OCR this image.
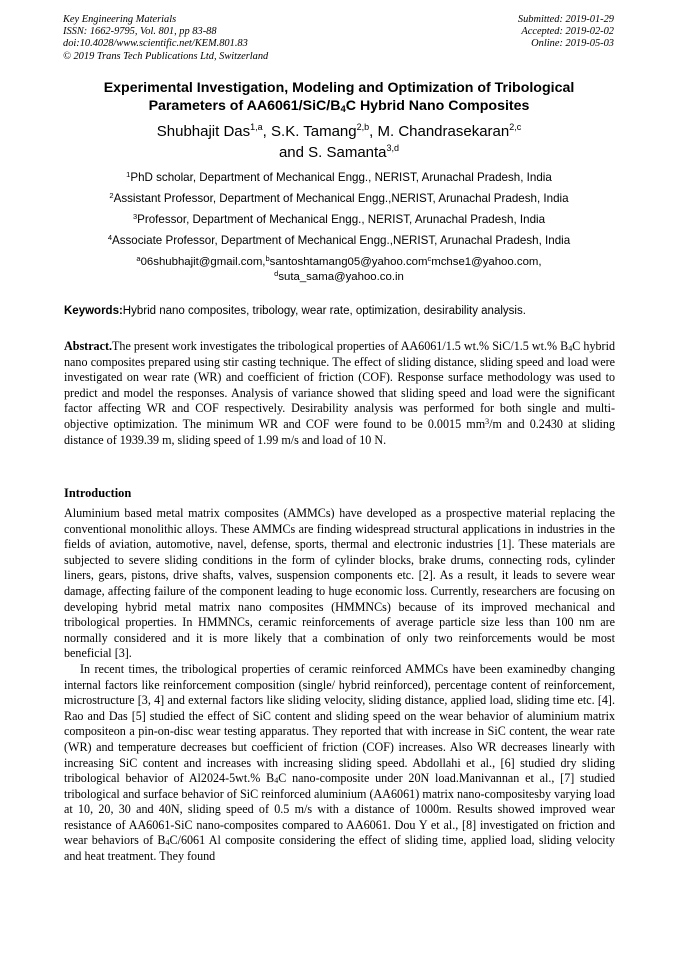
Key Engineering Materials
ISSN: 1662-9795, Vol. 801, pp 83-88
doi:10.4028/www.scientific.net/KEM.801.83
© 2019 Trans Tech Publications Ltd, Switzerland
Submitted: 2019-01-29
Accepted: 2019-02-02
Online: 2019-05-03
Experimental Investigation, Modeling and Optimization of Tribological
Parameters of $AA6061/SiC/B_4C$ Hybrid Nano Composites
Shubhajit Das$^{1,a}$, S.K. Tamang$^{2,b}$, M. Chandrasekaran$^{2,c}$
and S. Samanta$^{3,d}$
$^1$PhD scholar, Department of Mechanical Engg., NERIST, Arunachal Pradesh, India
$^2$Assistant Professor, Department of Mechanical Engg.,NERIST, Arunachal Pradesh, India
$^3$Professor, Department of Mechanical Engg., NERIST, Arunachal Pradesh, India
$^4$Associate Professor, Department of Mechanical Engg.,NERIST, Arunachal Pradesh, India
$^a$06shubhajit@gmail.com,$^b$santoshtamang05@yahoo.com$^c$mchse1@yahoo.com,
$^d$suta_sama@yahoo.co.in
Keywords:Hybrid nano composites, tribology, wear rate, optimization, desirability analysis.
Abstract.The present work investigates the tribological properties of AA6061/1.5 wt.% SiC/1.5 wt.% $B_4C$ hybrid nano composites prepared using stir casting technique. The effect of sliding distance, sliding speed and load were investigated on wear rate (WR) and coefficient of friction (COF). Response surface methodology was used to predict and model the responses. Analysis of variance showed that sliding speed and load were the significant factor affecting WR and COF respectively. Desirability analysis was performed for both single and multi-objective optimization. The minimum WR and COF were found to be 0.0015 $mm^3/m$ and 0.2430 at sliding distance of 1939.39 m, sliding speed of 1.99 m/s and load of 10 N.
Introduction

Aluminium based metal matrix composites (AMMCs) have developed as a prospective material replacing the conventional monolithic alloys. These AMMCs are finding widespread structural applications in industries in the fields of aviation, automotive, navel, defense, sports, thermal and electronic industries [1]. These materials are subjected to severe sliding conditions in the form of cylinder blocks, brake drums, connecting rods, cylinder liners, gears, pistons, drive shafts, valves, suspension components etc. [2]. As a result, it leads to severe wear damage, affecting failure of the component leading to huge economic loss. Currently, researchers are focusing on developing hybrid metal matrix nano composites (HMMNCs) because of its improved mechanical and tribological properties. In HMMNCs, ceramic reinforcements of average particle size less than 100 nm are normally considered and it is more likely that a combination of only two reinforcements would be most beneficial [3].

In recent times, the tribological properties of ceramic reinforced AMMCs have been examinedby changing internal factors like reinforcement composition (single/ hybrid reinforced), percentage content of reinforcement, microstructure [3, 4] and external factors like sliding velocity, sliding distance, applied load, sliding time etc. [4]. Rao and Das [5] studied the effect of SiC content and sliding speed on the wear behavior of aluminium matrix compositeon a pin-on-disc wear testing apparatus. They reported that with increase in SiC content, the wear rate (WR) and temperature decreases but coefficient of friction (COF) increases. Also WR decreases linearly with increasing SiC content and increases with increasing sliding speed. Abdollahi et al., [6] studied dry sliding tribological behavior of Al2024-5wt.% $B_4C$ nano-composite under 20N load.Manivannan et al., [7] studied tribological and surface behavior of SiC reinforced aluminium (AA6061) matrix nano-compositesby varying load at 10, 20, 30 and 40N, sliding speed of 0.5 m/s with a distance of 1000m. Results showed improved wear resistance of AA6061-SiC nano-composites compared to AA6061. Dou Y et al., [8] investigated on friction and wear behaviors of $B_4C/6061$ Al composite considering the effect of sliding time, applied load, sliding velocity and heat treatment. They found
